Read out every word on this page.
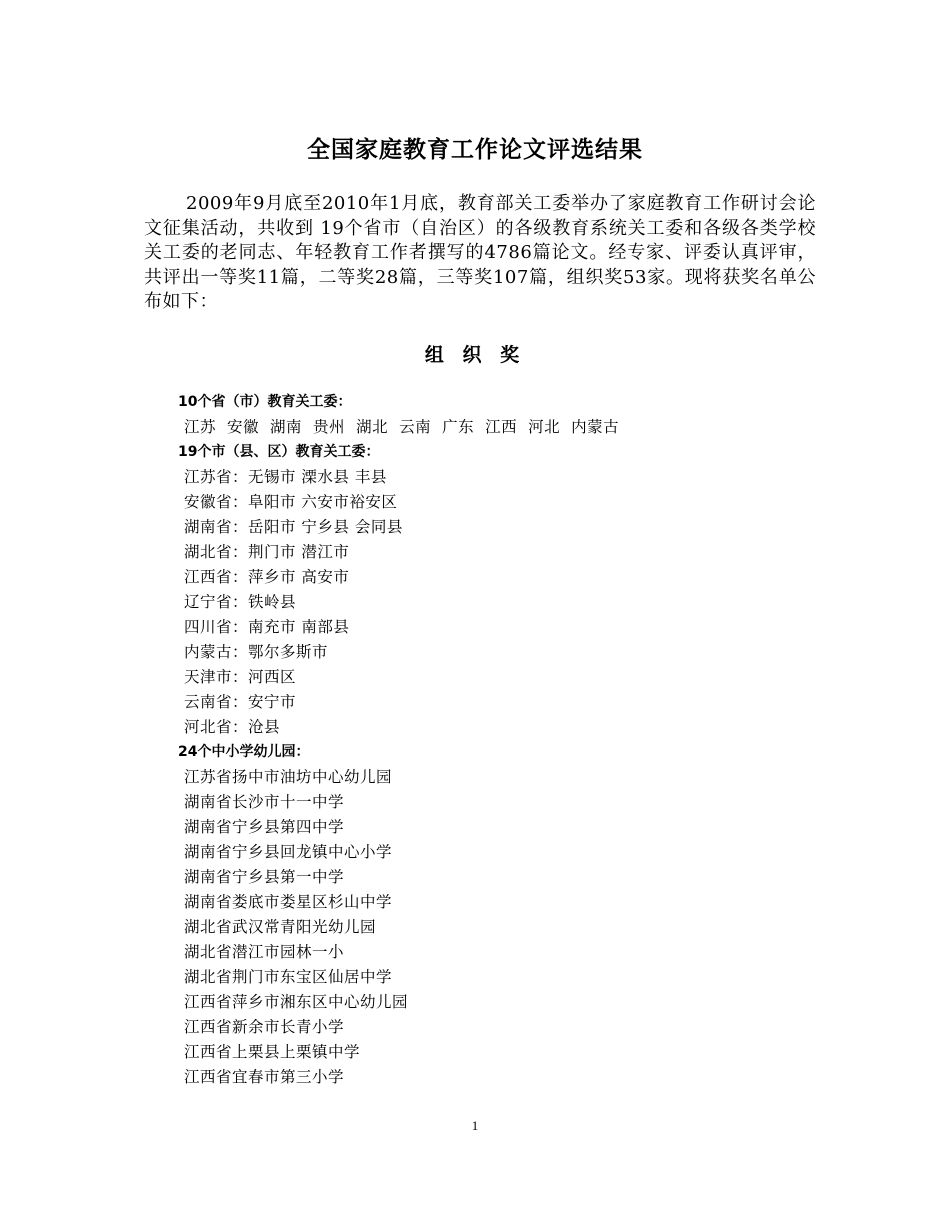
全国家庭教育工作论文评选结果

2009年9月底至2010年1月底，教育部关工委举办了家庭教育工作研讨会论文征集活动，共收到 19个省市（自治区）的各级教育系统关工委和各级各类学校关工委的老同志、年轻教育工作者撰写的4786篇论文。经专家、评委认真评审，共评出一等奖11篇，二等奖28篇，三等奖107篇，组织奖53家。现将获奖名单公布如下：

组 织 奖
10个省（市）教育关工委：
江苏 安徽 湖南 贵州 湖北 云南 广东 江西 河北 内蒙古
19个市（县、区）教育关工委：
江苏省：无锡市 溧水县 丰县
安徽省：阜阳市 六安市裕安区
湖南省：岳阳市 宁乡县 会同县
湖北省：荆门市 潜江市
江西省：萍乡市 高安市
辽宁省：铁岭县
四川省：南充市 南部县
内蒙古：鄂尔多斯市
天津市：河西区
云南省：安宁市
河北省：沧县
24个中小学幼儿园：
江苏省扬中市油坊中心幼儿园
湖南省长沙市十一中学
湖南省宁乡县第四中学
湖南省宁乡县回龙镇中心小学
湖南省宁乡县第一中学
湖南省娄底市娄星区杉山中学
湖北省武汉常青阳光幼儿园
湖北省潜江市园林一小
湖北省荆门市东宝区仙居中学
江西省萍乡市湘东区中心幼儿园
江西省新余市长青小学
江西省上栗县上栗镇中学
江西省宜春市第三小学
1
